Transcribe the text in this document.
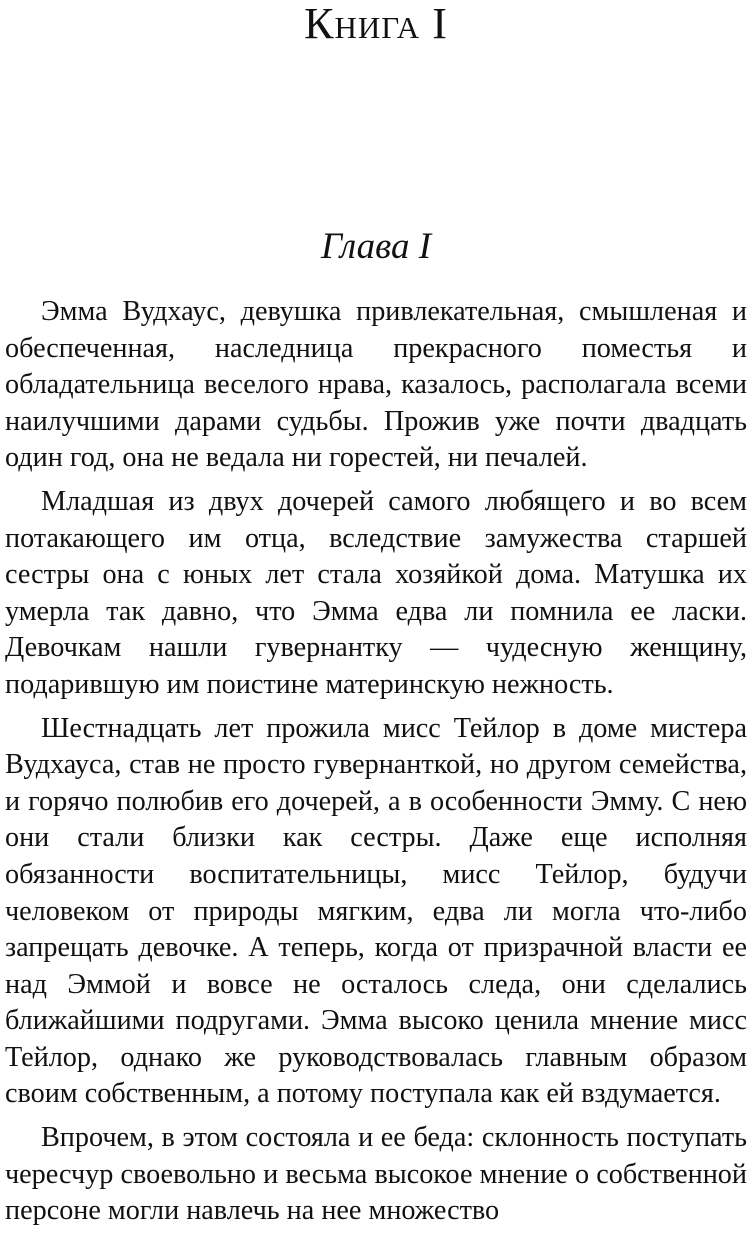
Книга I
Глава I

Эмма Вудхаус, девушка привлекательная, смышленая и обеспеченная, наследница прекрасного поместья и обладательница веселого нрава, казалось, располагала всеми наилучшими дарами судьбы. Прожив уже почти двадцать один год, она не ведала ни горестей, ни печалей.

Младшая из двух дочерей самого любящего и во всем потакающего им отца, вследствие замужества старшей сестры она с юных лет стала хозяйкой дома. Матушка их умерла так давно, что Эмма едва ли помнила ее ласки. Девочкам нашли гувернантку — чудесную женщину, подарившую им поистине материнскую нежность.

Шестнадцать лет прожила мисс Тейлор в доме мистера Вудхауса, став не просто гувернанткой, но другом семейства, и горячо полюбив его дочерей, а в особенности Эмму. С нею они стали близки как сестры. Даже еще исполняя обязанности воспитательницы, мисс Тейлор, будучи человеком от природы мягким, едва ли могла что-либо запрещать девочке. А теперь, когда от призрачной власти ее над Эммой и вовсе не осталось следа, они сделались ближайшими подругами. Эмма высоко ценила мнение мисс Тейлор, однако же руководствовалась главным образом своим собственным, а потому поступала как ей вздумается.

Впрочем, в этом состояла и ее беда: склонность поступать чересчур своевольно и весьма высокое мнение о собственной персоне могли навлечь на нее множество
